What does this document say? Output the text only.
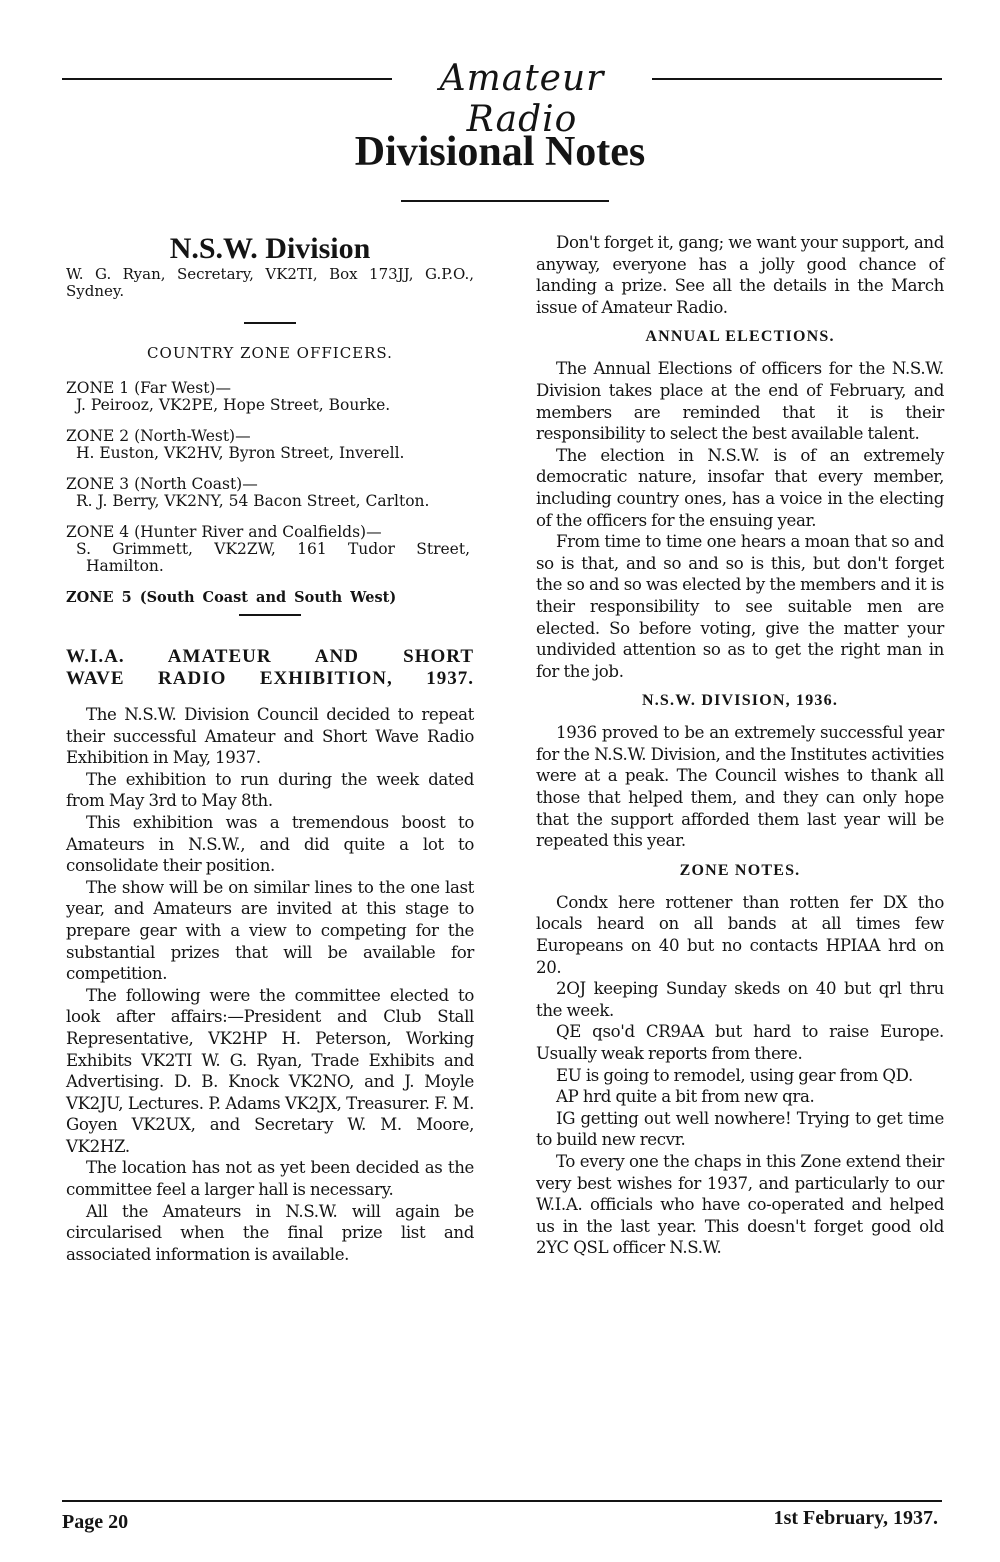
Amateur Radio
Divisional Notes

N.S.W. Division

W. G. Ryan, Secretary, VK2TI, Box 173JJ, G.P.O., Sydney.

COUNTRY ZONE OFFICERS.

ZONE 1 (Far West)—
J. Peirooz, VK2PE, Hope Street, Bourke.

ZONE 2 (North-West)—
H. Euston, VK2HV, Byron Street, Inverell.

ZONE 3 (North Coast)—
R. J. Berry, VK2NY, 54 Bacon Street, Carlton.

ZONE 4 (Hunter River and Coalfields)—
S. Grimmett, VK2ZW, 161 Tudor Street, Hamilton.

ZONE 5 (South Coast and South West)

W.I.A. AMATEUR AND SHORT
WAVE RADIO EXHIBITION, 1937.

The N.S.W. Division Council decided to repeat their successful Amateur and Short Wave Radio Exhibition in May, 1937.

The exhibition to run during the week dated from May 3rd to May 8th.

This exhibition was a tremendous boost to Amateurs in N.S.W., and did quite a lot to consolidate their position.

The show will be on similar lines to the one last year, and Amateurs are invited at this stage to prepare gear with a view to competing for the substantial prizes that will be available for competition.

The following were the committee elected to look after affairs:—President and Club Stall Representative, VK2HP H. Peterson, Working Exhibits VK2TI W. G. Ryan, Trade Exhibits and Advertising. D. B. Knock VK2NO, and J. Moyle VK2JU, Lectures. P. Adams VK2JX, Treasurer. F. M. Goyen VK2UX, and Secretary W. M. Moore, VK2HZ.

The location has not as yet been decided as the committee feel a larger hall is necessary.

All the Amateurs in N.S.W. will again be circularised when the final prize list and associated information is available.

Don't forget it, gang; we want your support, and anyway, everyone has a jolly good chance of landing a prize. See all the details in the March issue of Amateur Radio.

ANNUAL ELECTIONS.

The Annual Elections of officers for the N.S.W. Division takes place at the end of February, and members are reminded that it is their responsibility to select the best available talent.

The election in N.S.W. is of an extremely democratic nature, insofar that every member, including country ones, has a voice in the electing of the officers for the ensuing year.

From time to time one hears a moan that so and so is that, and so and so is this, but don't forget the so and so was elected by the members and it is their responsibility to see suitable men are elected. So before voting, give the matter your undivided attention so as to get the right man in for the job.

N.S.W. DIVISION, 1936.

1936 proved to be an extremely successful year for the N.S.W. Division, and the Institutes activities were at a peak. The Council wishes to thank all those that helped them, and they can only hope that the support afforded them last year will be repeated this year.

ZONE NOTES.

Condx here rottener than rotten fer DX tho locals heard on all bands at all times few Europeans on 40 but no contacts HPIAA hrd on 20.

2OJ keeping Sunday skeds on 40 but qrl thru the week.

QE qso'd CR9AA but hard to raise Europe. Usually weak reports from there.

EU is going to remodel, using gear from QD.

AP hrd quite a bit from new qra.

IG getting out well nowhere! Trying to get time to build new recvr.

To every one the chaps in this Zone extend their very best wishes for 1937, and particularly to our W.I.A. officials who have co-operated and helped us in the last year. This doesn't forget good old 2YC QSL officer N.S.W.

Page 20	1st February, 1937.
